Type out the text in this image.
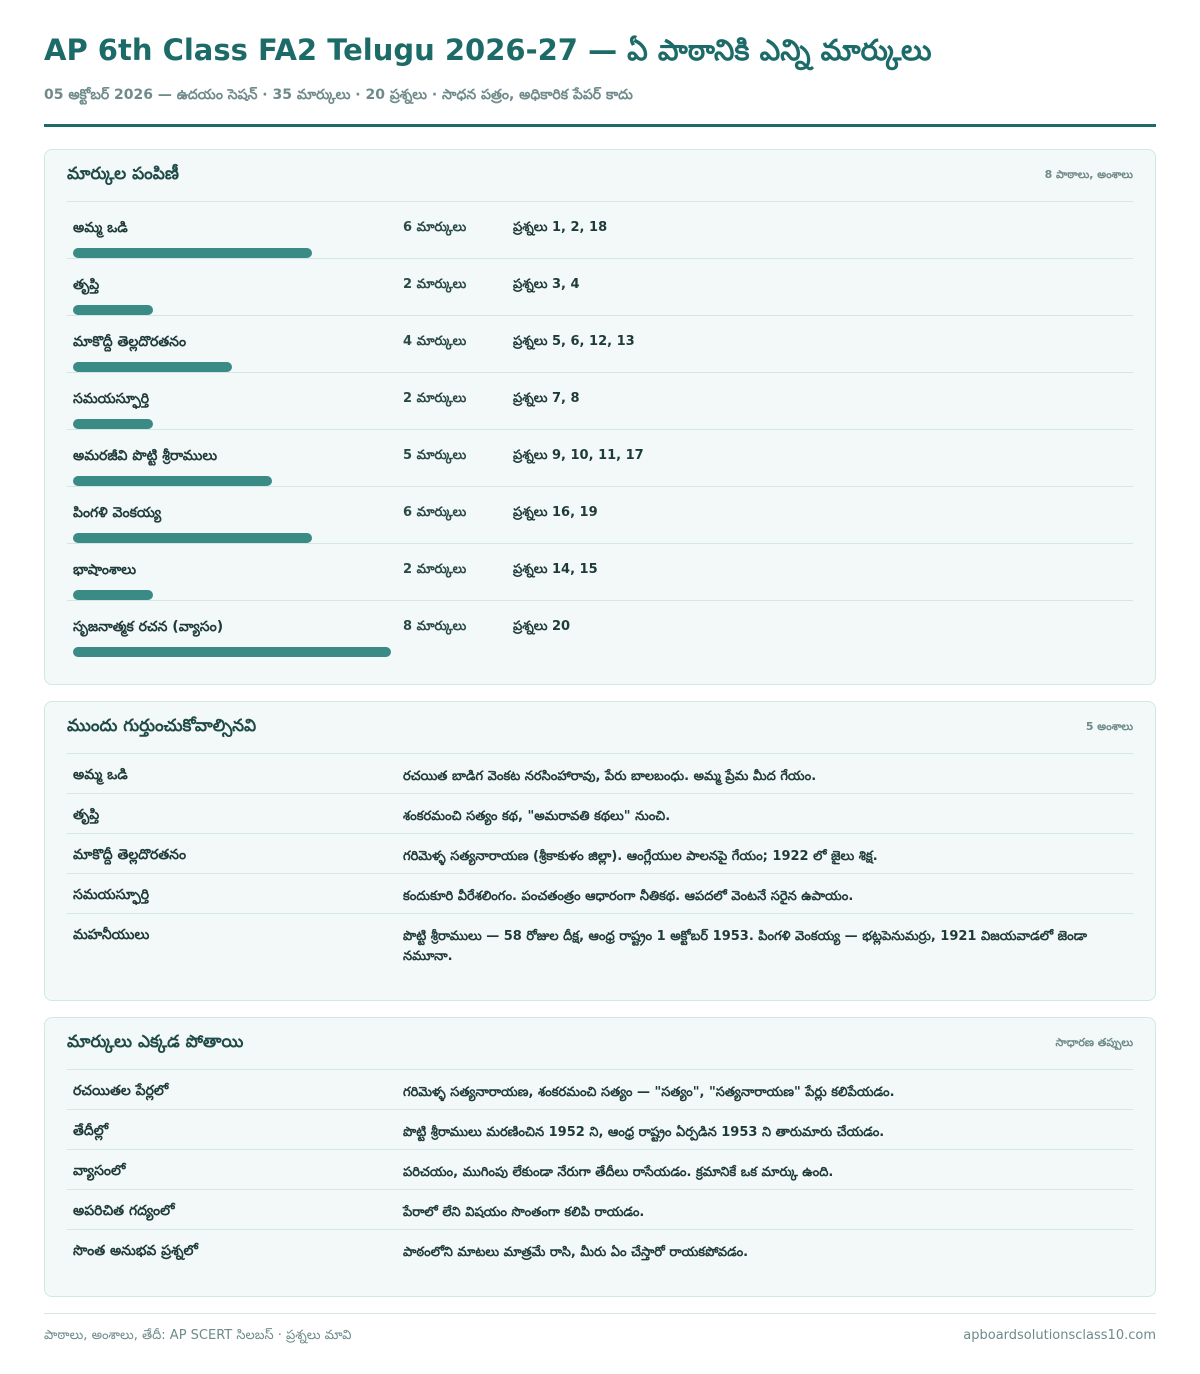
AP 6th Class FA2 Telugu 2026-27 — ఏ పాఠానికి ఎన్ని మార్కులు
05 అక్టోబర్ 2026 — ఉదయం సెషన్ · 35 మార్కులు · 20 ప్రశ్నలు · సాధన పత్రం, అధికారిక పేపర్ కాదు
మార్కుల పంపిణీ	8 పాఠాలు, అంశాలు
అమ్మ ఒడి	6 మార్కులు	ప్రశ్నలు 1, 2, 18
తృప్తి	2 మార్కులు	ప్రశ్నలు 3, 4
మాకొద్దీ తెల్లదొరతనం	4 మార్కులు	ప్రశ్నలు 5, 6, 12, 13
సమయస్ఫూర్తి	2 మార్కులు	ప్రశ్నలు 7, 8
అమరజీవి పొట్టి శ్రీరాములు	5 మార్కులు	ప్రశ్నలు 9, 10, 11, 17
పింగళి వెంకయ్య	6 మార్కులు	ప్రశ్నలు 16, 19
భాషాంశాలు	2 మార్కులు	ప్రశ్నలు 14, 15
సృజనాత్మక రచన (వ్యాసం)	8 మార్కులు	ప్రశ్నలు 20
ముందు గుర్తుంచుకోవాల్సినవి	5 అంశాలు
అమ్మ ఒడి	రచయిత బాడిగ వెంకట నరసింహారావు, పేరు బాలబంధు. అమ్మ ప్రేమ మీద గేయం.
తృప్తి	శంకరమంచి సత్యం కథ, "అమరావతి కథలు" నుంచి.
మాకొద్దీ తెల్లదొరతనం	గరిమెళ్ళ సత్యనారాయణ (శ్రీకాకుళం జిల్లా). ఆంగ్లేయుల పాలనపై గేయం; 1922 లో జైలు శిక్ష.
సమయస్ఫూర్తి	కందుకూరి వీరేశలింగం. పంచతంత్రం ఆధారంగా నీతికథ. ఆపదలో వెంటనే సరైన ఉపాయం.
మహనీయులు	పొట్టి శ్రీరాములు — 58 రోజుల దీక్ష, ఆంధ్ర రాష్ట్రం 1 అక్టోబర్ 1953. పింగళి వెంకయ్య — భట్లపెనుమర్రు, 1921 విజయవాడలో జెండా నమూనా.
మార్కులు ఎక్కడ పోతాయి	సాధారణ తప్పులు
రచయితల పేర్లలో	గరిమెళ్ళ సత్యనారాయణ, శంకరమంచి సత్యం — "సత్యం", "సత్యనారాయణ" పేర్లు కలిపేయడం.
తేదీల్లో	పొట్టి శ్రీరాములు మరణించిన 1952 ని, ఆంధ్ర రాష్ట్రం ఏర్పడిన 1953 ని తారుమారు చేయడం.
వ్యాసంలో	పరిచయం, ముగింపు లేకుండా నేరుగా తేదీలు రాసేయడం. క్రమానికే ఒక మార్కు ఉంది.
అపరిచిత గద్యంలో	పేరాలో లేని విషయం సొంతంగా కలిపి రాయడం.
సొంత అనుభవ ప్రశ్నలో	పాఠంలోని మాటలు మాత్రమే రాసి, మీరు ఏం చేస్తారో రాయకపోవడం.
పాఠాలు, అంశాలు, తేదీ: AP SCERT సిలబస్ · ప్రశ్నలు మావి	apboardsolutionsclass10.com
